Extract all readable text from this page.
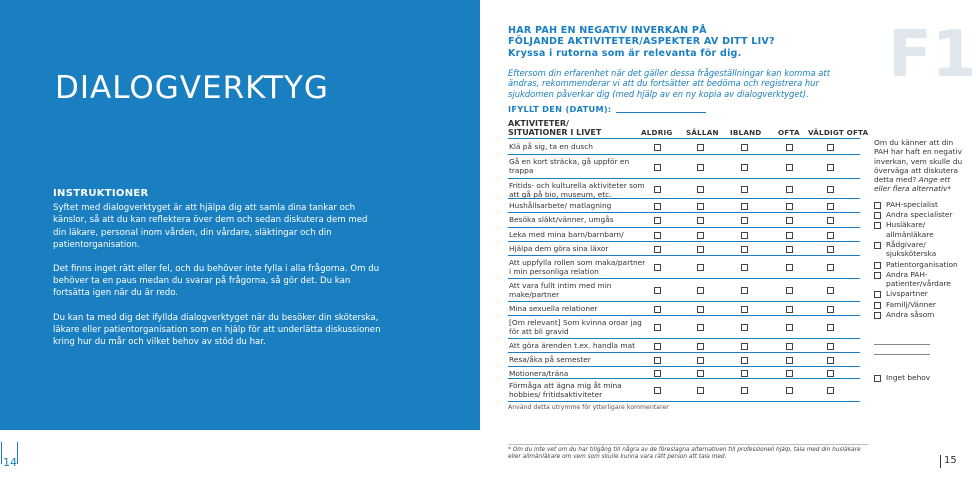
DIALOGVERKTYG
INSTRUKTIONER

Syftet med dialogverktyget är att hjälpa dig att samla dina tankar och känslor, så att du kan reflektera över dem och sedan diskutera dem med din läkare, personal inom vården, din vårdare, släktingar och din patientorganisation.

Det finns inget rätt eller fel, och du behöver inte fylla i alla frågorna. Om du behöver ta en paus medan du svarar på frågorna, så gör det. Du kan fortsätta igen när du är redo.

Du kan ta med dig det ifyllda dialogverktyget när du besöker din sköterska, läkare eller patientorganisation som en hjälp för att underlätta diskussionen kring hur du mår och vilket behov av stöd du har.

14
F1
HAR PAH EN NEGATIV INVERKAN PÅ
FÖLJANDE AKTIVITETER/ASPEKTER AV DITT LIV?
Kryssa i rutorna som är relevanta för dig.
Eftersom din erfarenhet när det gäller dessa frågeställningar kan komma att ändras, rekommenderar vi att du fortsätter att bedöma och registrera hur sjukdomen påverkar dig (med hjälp av en ny kopia av dialogverktyget).
IFYLLT DEN (DATUM):
AKTIVITETER/
SITUATIONER I LIVET	ALDRIG SÄLLAN IBLAND OFTA VÄLDIGT OFTA
Klä på sig, ta en dusch
Gå en kort sträcka, gå uppför en trappa
Fritids- och kulturella aktiviteter som att gå på bio, museum, etc.
Hushållsarbete/ matlagning
Besöka släkt/vänner, umgås
Leka med mina barn/barnbarn/
Hjälpa dem göra sina läxor
Att uppfylla rollen som maka/partner i min personliga relation
Att vara fullt intim med min make/partner
Mina sexuella relationer
[Om relevant] Som kvinna oroar jag för att bli gravid
Att göra ärenden t.ex. handla mat
Resa/åka på semester
Motionera/träna
Förmåga att ägna mig åt mina hobbies/ fritidsaktiviteter
Använd detta utrymme för ytterligare kommentarer
Om du känner att din PAH har haft en negativ inverkan, vem skulle du överväga att diskutera detta med? Ange ett eller flera alternativ*
PAH-specialist
Andra specialister
Husläkare/ allmänläkare
Rådgivare/ sjuksköterska
Patientorganisation
Andra PAH-patienter/vårdare
Livspartner
Familj/Vänner
Andra såsom
Inget behov
* Om du inte vet om du har tillgång till några av de föreslagna alternativen till professionell hjälp, tala med din husläkare eller allmänläkare om vem som skulle kunna vara rätt person att tala med.	15
